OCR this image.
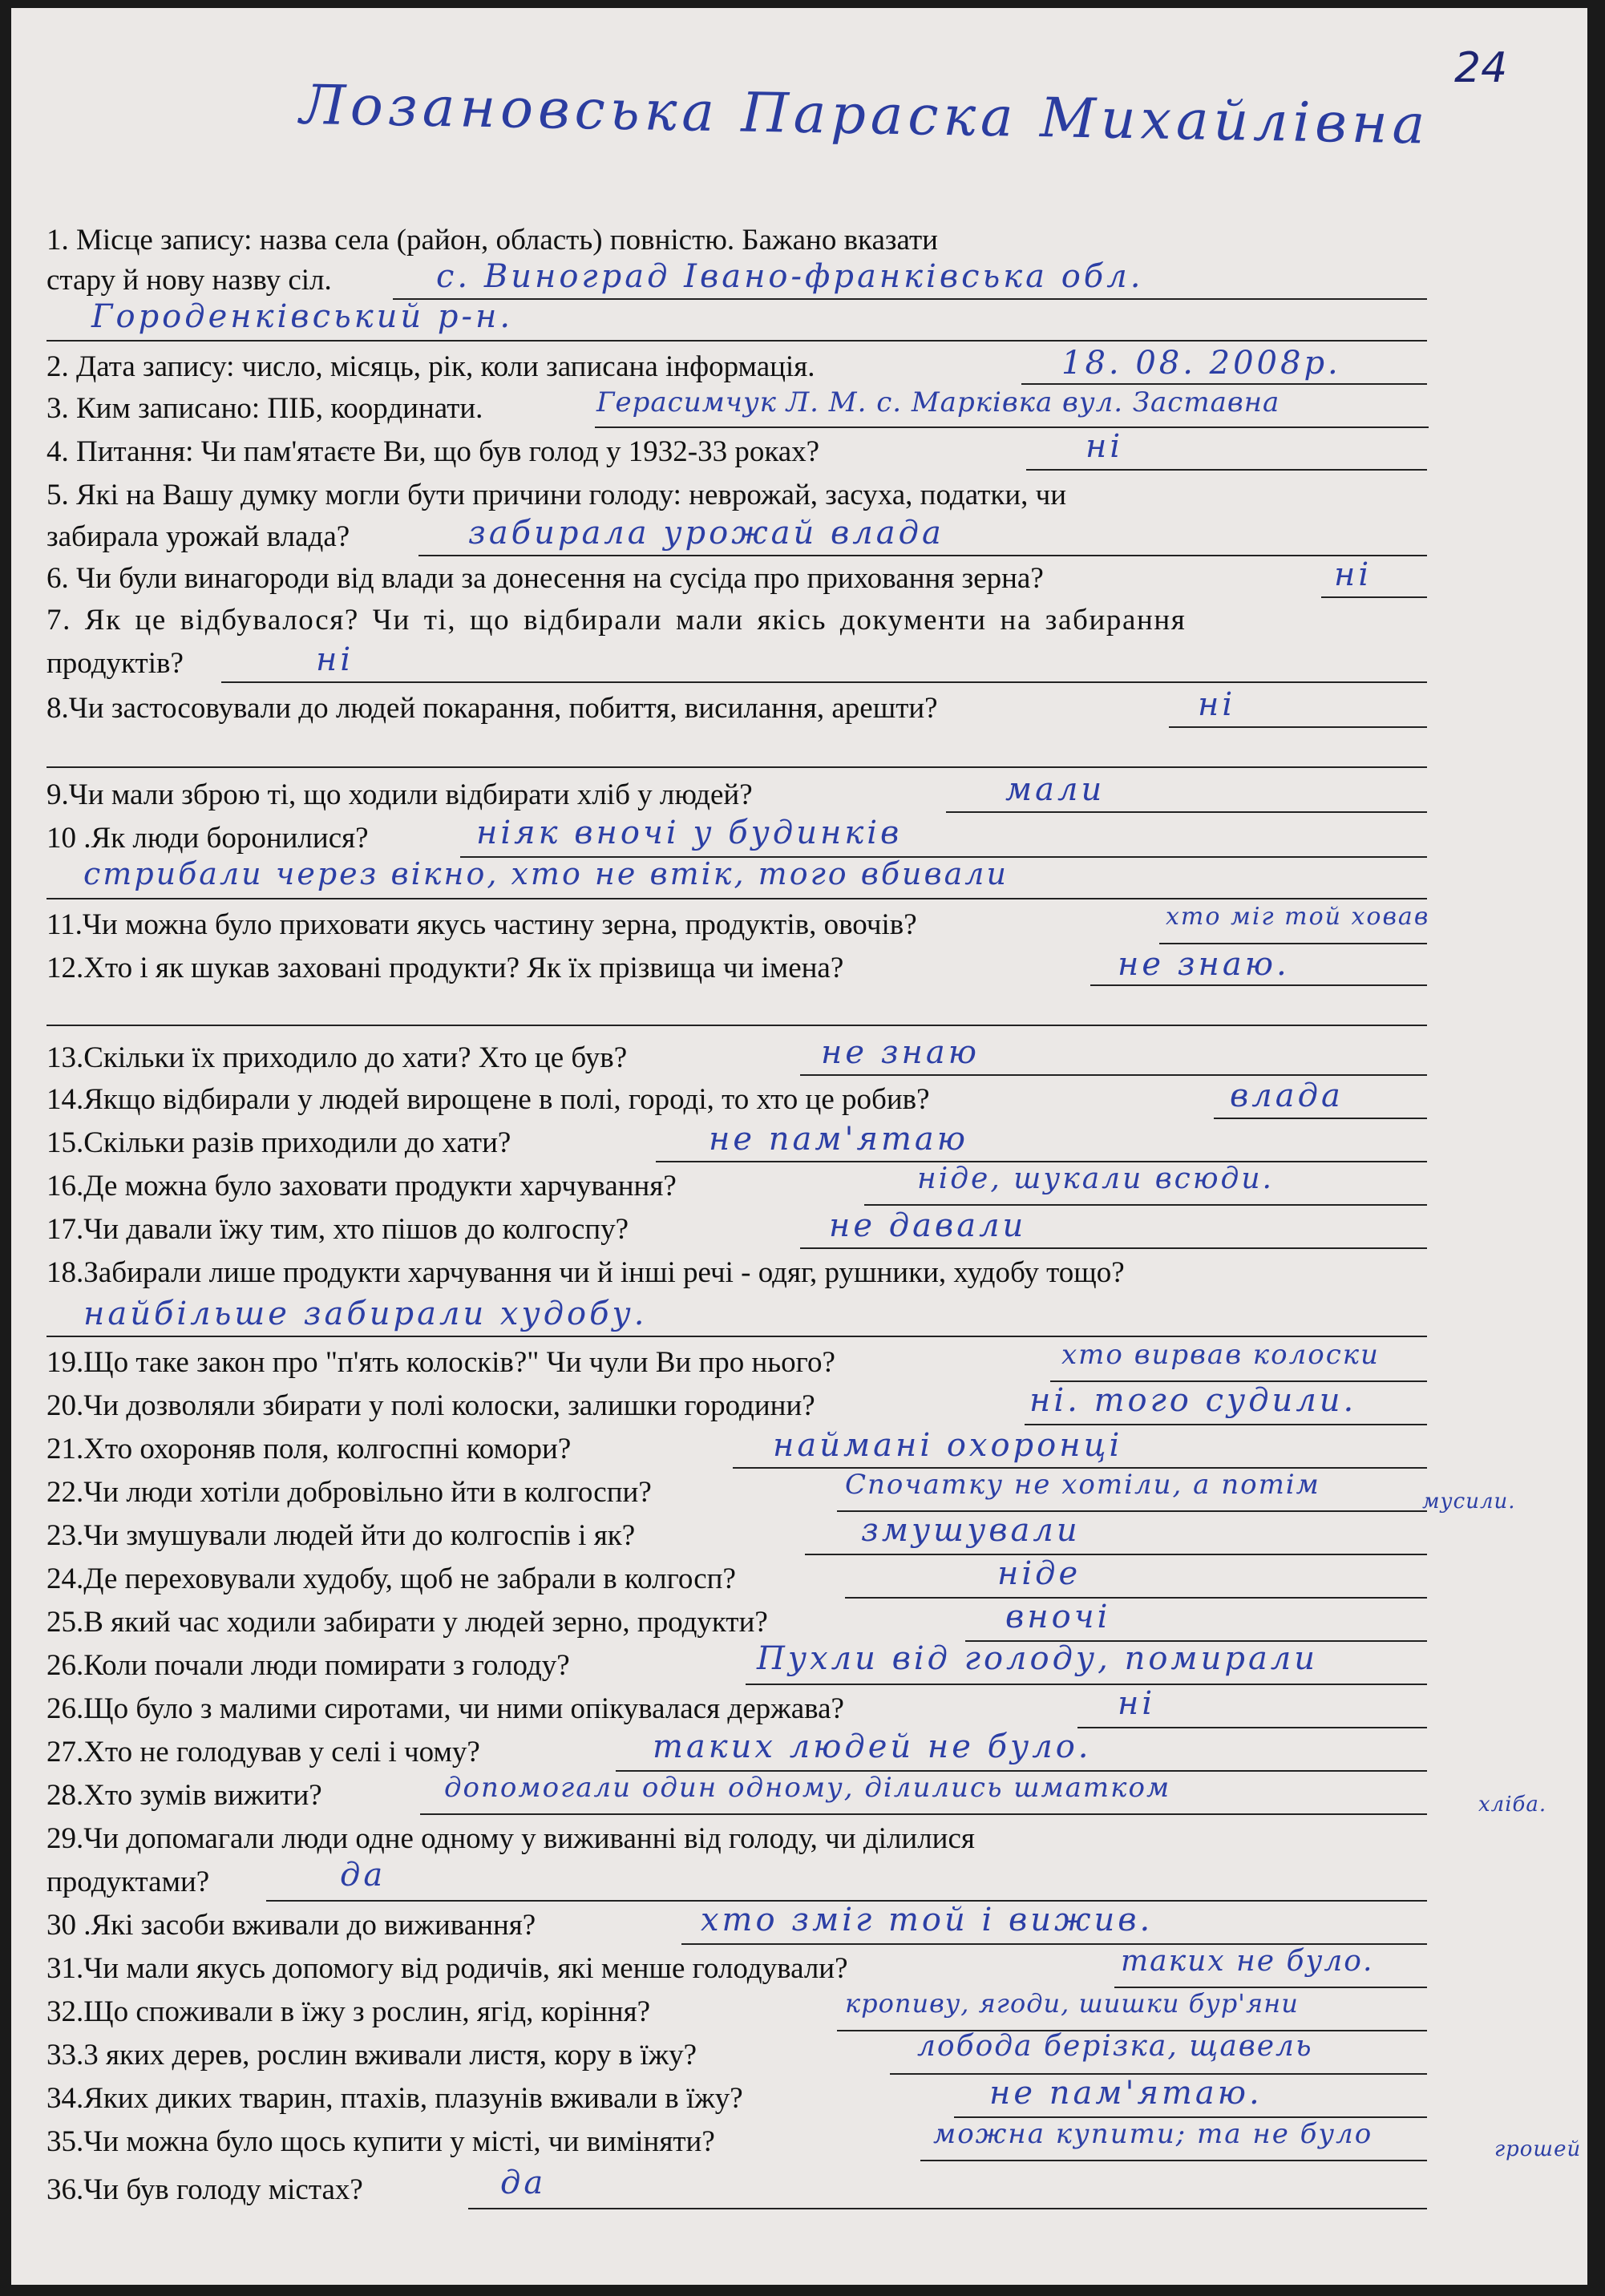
24
Лозановська Параска Михайлівна
1. Місце запису: назва села (район, область) повністю. Бажано вказати
стару й нову назву сіл.	с. Виноград Івано-франківська обл.
Городенківський р-н.
2. Дата запису: число, місяць, рік, коли записана інформація.	18. 08. 2008р.
3. Ким записано: ПІБ, координати.	Герасимчук Л. М. с. Марківка вул. Заставна
4. Питання: Чи пам'ятаєте Ви, що був голод у 1932-33 роках?	ні
5. Які на Вашу думку могли бути причини голоду: неврожай, засуха, податки, чи
забирала урожай влада?	забирала урожай влада
6. Чи були винагороди від влади за донесення на сусіда про приховання зерна?	ні
7. Як це відбувалося? Чи ті, що відбирали мали якісь документи на забирання
продуктів?	ні
8.Чи застосовували до людей покарання, побиття, висилання, арешти?	ні
9.Чи мали зброю ті, що ходили відбирати хліб у людей?	мали
10 .Як люди боронилися?	ніяк вночі у будинків
стрибали через вікно, хто не втік, того вбивали
11.Чи можна було приховати якусь частину зерна, продуктів, овочів?	хто міг той ховав
12.Хто і як шукав заховані продукти? Як їх прізвища чи імена?	не знаю.
13.Скільки їх приходило до хати? Хто це був?	не знаю
14.Якщо відбирали у людей вирощене в полі, городі, то хто це робив?	влада
15.Скільки разів приходили до хати?	не пам'ятаю
16.Де можна було заховати продукти харчування?	ніде, шукали всюди.
17.Чи давали їжу тим, хто пішов до колгоспу?	не давали
18.Забирали лише продукти харчування чи й інші речі - одяг, рушники, худобу тощо?
найбільше забирали худобу.
19.Що таке закон про "п'ять колосків?" Чи чули Ви про нього?	хто вирвав колоски
20.Чи дозволяли збирати у полі колоски, залишки городини?	ні. того судили.
21.Хто охороняв поля, колгоспні комори?	наймані охоронці
22.Чи люди хотіли добровільно йти в колгоспи?	Спочатку не хотіли, а потім
мусили.
23.Чи змушували людей йти до колгоспів і як?	змушували
24.Де переховували худобу, щоб не забрали в колгосп?	ніде
25.В який час ходили забирати у людей зерно, продукти?	вночі
26.Коли почали люди помирати з голоду?	Пухли від голоду, помирали
26.Що було з малими сиротами, чи ними опікувалася держава?	ні
27.Хто не голодував у селі і чому?	таких людей не було.
28.Хто зумів вижити?	допомогали один одному, ділились шматком
хліба.
29.Чи допомагали люди одне одному у виживанні від голоду, чи ділилися
продуктами?	да
30 .Які засоби вживали до виживання?	хто зміг той і вижив.
31.Чи мали якусь допомогу від родичів, які менше голодували?	таких не було.
32.Що споживали в їжу з рослин, ягід, коріння?	кропиву, ягоди, шишки бур'яни
33.3 яких дерев, рослин вживали листя, кору в їжу?	лобода берізка, щавель
34.Яких диких тварин, птахів, плазунів вживали в їжу?	не пам'ятаю.
35.Чи можна було щось купити у місті, чи виміняти?	можна купити; та не було	грошей
36.Чи був голоду містах?	да
